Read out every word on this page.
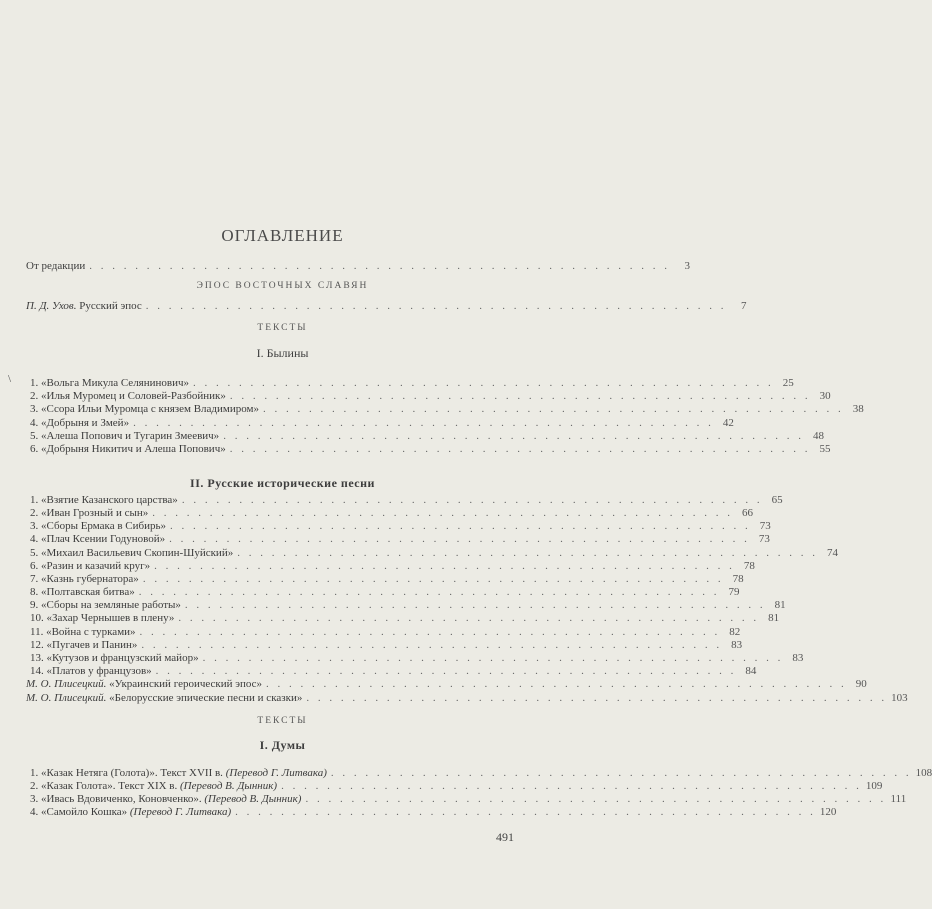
ОГЛАВЛЕНИЕ
От редакции . . . . . . . . . . . . . . . . . . . . . . . . . . . . . . . . . . . . . . . . . . . . . . . . . . .	3
ЭПОС ВОСТОЧНЫХ СЛАВЯН
П. Д. Ухов. Русский эпос . . . . . . . . . . . . . . . . . . . . . . . . . . . . . . . . . . . . . . . . . . . . . . . . . . .	7
ТЕКСТЫ
I. Былины
\ 1. «Вольга Микула Селянинович» . . . . . . . . . . . . . . . . . . . . . . . . . . . . . . . . . . . . . . . . . . . . . . . . . . . 25
2. «Илья Муромец и Соловей-Разбойник» . . . . . . . . . . . . . . . . . . . . . . . . . . . . . . . . . . . . . . . . . . . . . . . . . . . 30
3. «Ссора Ильи Муромца с князем Владимиром» . . . . . . . . . . . . . . . . . . . . . . . . . . . . . . . . . . . . . . . . . . . . . . . . . . . 38
4. «Добрыня и Змей» . . . . . . . . . . . . . . . . . . . . . . . . . . . . . . . . . . . . . . . . . . . . . . . . . . . 42
5. «Алеша Попович и Тугарин Змеевич» . . . . . . . . . . . . . . . . . . . . . . . . . . . . . . . . . . . . . . . . . . . . . . . . . . . 48
6. «Добрыня Никитич и Алеша Попович» . . . . . . . . . . . . . . . . . . . . . . . . . . . . . . . . . . . . . . . . . . . . . . . . . . . 55
II. Русские исторические песни
1. «Взятие Казанского царства» . . . . . . . . . . . . . . . . . . . . . . . . . . . . . . . . . . . . . . . . . . . . . . . . . . . 65
2. «Иван Грозный и сын» . . . . . . . . . . . . . . . . . . . . . . . . . . . . . . . . . . . . . . . . . . . . . . . . . . . 66
3. «Сборы Ермака в Сибирь» . . . . . . . . . . . . . . . . . . . . . . . . . . . . . . . . . . . . . . . . . . . . . . . . . . . 73
4. «Плач Ксении Годуновой» . . . . . . . . . . . . . . . . . . . . . . . . . . . . . . . . . . . . . . . . . . . . . . . . . . . 73
5. «Михаил Васильевич Скопин-Шуйский» . . . . . . . . . . . . . . . . . . . . . . . . . . . . . . . . . . . . . . . . . . . . . . . . . . . 74
6. «Разин и казачий круг» . . . . . . . . . . . . . . . . . . . . . . . . . . . . . . . . . . . . . . . . . . . . . . . . . . . 78
7. «Казнь губернатора» . . . . . . . . . . . . . . . . . . . . . . . . . . . . . . . . . . . . . . . . . . . . . . . . . . . 78
8. «Полтавская битва» . . . . . . . . . . . . . . . . . . . . . . . . . . . . . . . . . . . . . . . . . . . . . . . . . . . 79
9. «Сборы на земляные работы» . . . . . . . . . . . . . . . . . . . . . . . . . . . . . . . . . . . . . . . . . . . . . . . . . . . 81
10. «Захар Чернышев в плену» . . . . . . . . . . . . . . . . . . . . . . . . . . . . . . . . . . . . . . . . . . . . . . . . . . . 81
11. «Война с турками» . . . . . . . . . . . . . . . . . . . . . . . . . . . . . . . . . . . . . . . . . . . . . . . . . . . 82
12. «Пугачев и Панин» . . . . . . . . . . . . . . . . . . . . . . . . . . . . . . . . . . . . . . . . . . . . . . . . . . . 83
13. «Кутузов и французский майор» . . . . . . . . . . . . . . . . . . . . . . . . . . . . . . . . . . . . . . . . . . . . . . . . . . . 83
14. «Платов у французов» . . . . . . . . . . . . . . . . . . . . . . . . . . . . . . . . . . . . . . . . . . . . . . . . . . . 84
М. О. Плисецкий. «Украинский героический эпос» . . . . . . . . . . . . . . . . . . . . . . . . . . . . . . . . . . . . . . . . . . . . . . . . . . . 90
М. О. Плисецкий. «Белорусские эпические песни и сказки» . . . . . . . . . . . . . . . . . . . . . . . . . . . . . . . . . . . . . . . . . . . . . . . . . . . 103
ТЕКСТЫ
I. Думы
1. «Казак Нетяга (Голота)». Текст XVII в. (Перевод Г. Литвака) . . . . . . . . . . . . . . . . . . . . . . . . . . . . . . . . . . . . . . . . . . . . . . . . . . . 108
2. «Казак Голота». Текст XIX в. (Перевод В. Дынник) . . . . . . . . . . . . . . . . . . . . . . . . . . . . . . . . . . . . . . . . . . . . . . . . . . . 109
3. «Ивась Вдовиченко, Коновченко». (Перевод В. Дынник) . . . . . . . . . . . . . . . . . . . . . . . . . . . . . . . . . . . . . . . . . . . . . . . . . . . 111
4. «Самойло Кошка» (Перевод Г. Литвака) . . . . . . . . . . . . . . . . . . . . . . . . . . . . . . . . . . . . . . . . . . . . . . . . . . . 120
491
